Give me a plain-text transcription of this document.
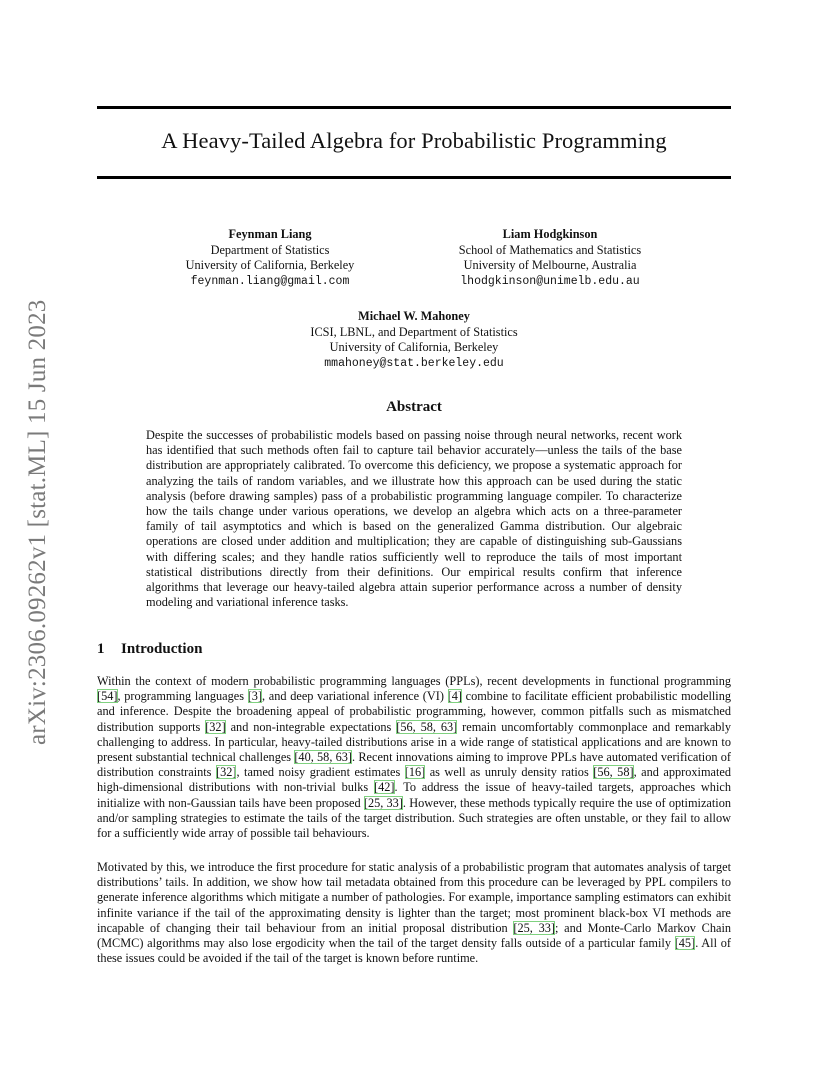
arXiv:2306.09262v1 [stat.ML] 15 Jun 2023
A Heavy-Tailed Algebra for Probabilistic Programming
Feynman Liang
Department of Statistics
University of California, Berkeley
feynman.liang@gmail.com
Liam Hodgkinson
School of Mathematics and Statistics
University of Melbourne, Australia
lhodgkinson@unimelb.edu.au
Michael W. Mahoney
ICSI, LBNL, and Department of Statistics
University of California, Berkeley
mmahoney@stat.berkeley.edu
Abstract

Despite the successes of probabilistic models based on passing noise through neural networks, recent work has identified that such methods often fail to capture tail behavior accurately—unless the tails of the base distribution are appropriately calibrated. To overcome this deficiency, we propose a systematic approach for analyzing the tails of random variables, and we illustrate how this approach can be used during the static analysis (before drawing samples) pass of a probabilistic programming language compiler. To characterize how the tails change under various operations, we develop an algebra which acts on a three-parameter family of tail asymptotics and which is based on the generalized Gamma distribution. Our algebraic operations are closed under addition and multiplication; they are capable of distinguishing sub-Gaussians with differing scales; and they handle ratios sufficiently well to reproduce the tails of most important statistical distributions directly from their definitions. Our empirical results confirm that inference algorithms that leverage our heavy-tailed algebra attain superior performance across a number of density modeling and variational inference tasks.

1 Introduction

Within the context of modern probabilistic programming languages (PPLs), recent developments in functional programming [54], programming languages [3], and deep variational inference (VI) [4] combine to facilitate efficient probabilistic modelling and inference. Despite the broadening appeal of probabilistic programming, however, common pitfalls such as mismatched distribution supports [32] and non-integrable expectations [56, 58, 63] remain uncomfortably commonplace and remarkably challenging to address. In particular, heavy-tailed distributions arise in a wide range of statistical applications and are known to present substantial technical challenges [40, 58, 63]. Recent innovations aiming to improve PPLs have automated verification of distribution constraints [32], tamed noisy gradient estimates [16] as well as unruly density ratios [56, 58], and approximated high-dimensional distributions with non-trivial bulks [42]. To address the issue of heavy-tailed targets, approaches which initialize with non-Gaussian tails have been proposed [25, 33]. However, these methods typically require the use of optimization and/or sampling strategies to estimate the tails of the target distribution. Such strategies are often unstable, or they fail to allow for a sufficiently wide array of possible tail behaviours.

Motivated by this, we introduce the first procedure for static analysis of a probabilistic program that automates analysis of target distributions’ tails. In addition, we show how tail metadata obtained from this procedure can be leveraged by PPL compilers to generate inference algorithms which mitigate a number of pathologies. For example, importance sampling estimators can exhibit infinite variance if the tail of the approximating density is lighter than the target; most prominent black-box VI methods are incapable of changing their tail behaviour from an initial proposal distribution [25, 33]; and Monte-Carlo Markov Chain (MCMC) algorithms may also lose ergodicity when the tail of the target density falls outside of a particular family [45]. All of these issues could be avoided if the tail of the target is known before runtime.
